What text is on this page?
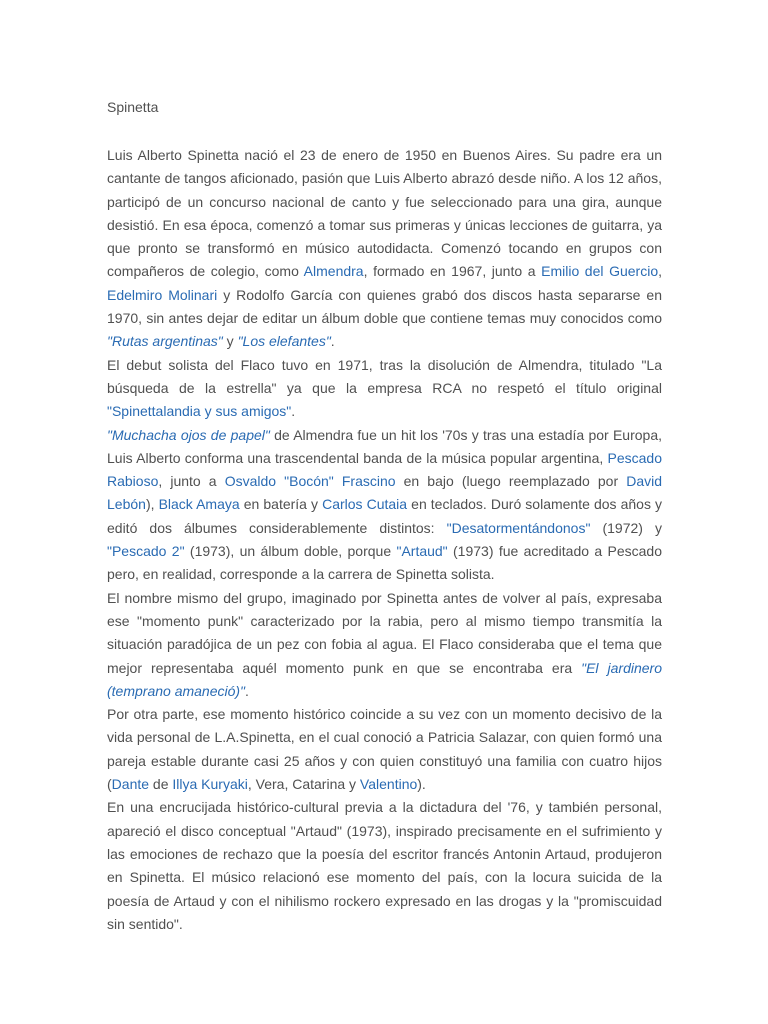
Spinetta

Luis Alberto Spinetta nació el 23 de enero de 1950 en Buenos Aires. Su padre era un cantante de tangos aficionado, pasión que Luis Alberto abrazó desde niño. A los 12 años, participó de un concurso nacional de canto y fue seleccionado para una gira, aunque desistió. En esa época, comenzó a tomar sus primeras y únicas lecciones de guitarra, ya que pronto se transformó en músico autodidacta. Comenzó tocando en grupos con compañeros de colegio, como Almendra, formado en 1967, junto a Emilio del Guercio, Edelmiro Molinari y Rodolfo García con quienes grabó dos discos hasta separarse en 1970, sin antes dejar de editar un álbum doble que contiene temas muy conocidos como "Rutas argentinas" y "Los elefantes".

El debut solista del Flaco tuvo en 1971, tras la disolución de Almendra, titulado "La búsqueda de la estrella" ya que la empresa RCA no respetó el título original "Spinettalandia y sus amigos".

"Muchacha ojos de papel" de Almendra fue un hit los '70s y tras una estadía por Europa, Luis Alberto conforma una trascendental banda de la música popular argentina, Pescado Rabioso, junto a Osvaldo "Bocón" Frascino en bajo (luego reemplazado por David Lebón), Black Amaya en batería y Carlos Cutaia en teclados. Duró solamente dos años y editó dos álbumes considerablemente distintos: "Desatormentándonos" (1972) y "Pescado 2" (1973), un álbum doble, porque "Artaud" (1973) fue acreditado a Pescado pero, en realidad, corresponde a la carrera de Spinetta solista.

El nombre mismo del grupo, imaginado por Spinetta antes de volver al país, expresaba ese "momento punk" caracterizado por la rabia, pero al mismo tiempo transmitía la situación paradójica de un pez con fobia al agua. El Flaco consideraba que el tema que mejor representaba aquél momento punk en que se encontraba era "El jardinero (temprano amaneció)".

Por otra parte, ese momento histórico coincide a su vez con un momento decisivo de la vida personal de L.A.Spinetta, en el cual conoció a Patricia Salazar, con quien formó una pareja estable durante casi 25 años y con quien constituyó una familia con cuatro hijos (Dante de Illya Kuryaki, Vera, Catarina y Valentino).

En una encrucijada histórico-cultural previa a la dictadura del '76, y también personal, apareció el disco conceptual "Artaud" (1973), inspirado precisamente en el sufrimiento y las emociones de rechazo que la poesía del escritor francés Antonin Artaud, produjeron en Spinetta. El músico relacionó ese momento del país, con la locura suicida de la poesía de Artaud y con el nihilismo rockero expresado en las drogas y la "promiscuidad sin sentido".
